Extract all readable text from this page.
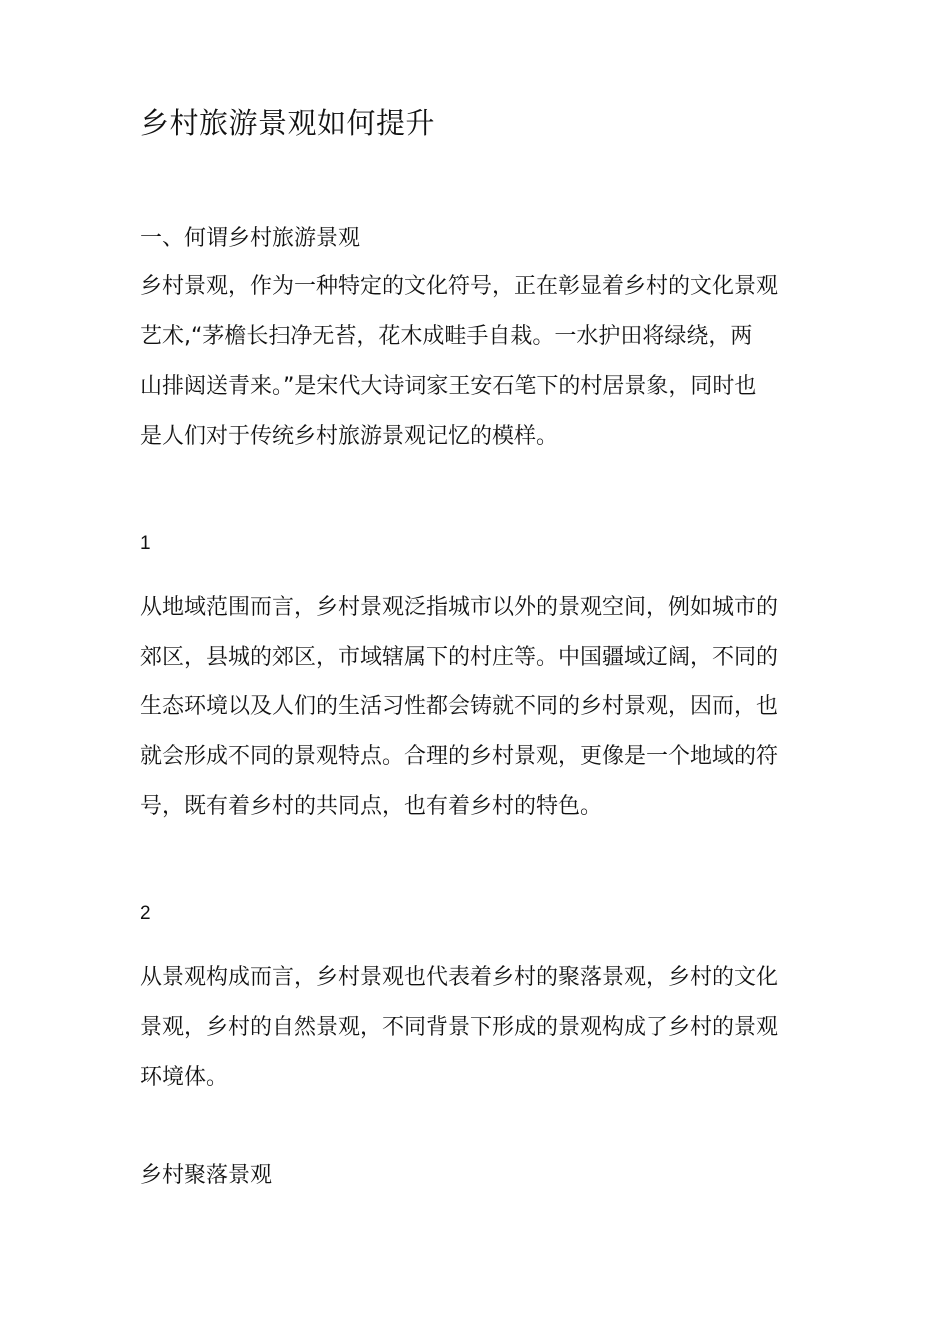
乡村旅游景观如何提升

一、何谓乡村旅游景观

乡村景观，作为一种特定的文化符号，正在彰显着乡村的文化景观

艺术,“茅檐长扫净无苔，花木成畦手自栽。一水护田将绿绕，两

山排闼送青来。”是宋代大诗词家王安石笔下的村居景象，同时也

是人们对于传统乡村旅游景观记忆的模样。

1

从地域范围而言，乡村景观泛指城市以外的景观空间，例如城市的

郊区，县城的郊区，市域辖属下的村庄等。中国疆域辽阔，不同的

生态环境以及人们的生活习性都会铸就不同的乡村景观，因而，也

就会形成不同的景观特点。合理的乡村景观，更像是一个地域的符

号，既有着乡村的共同点，也有着乡村的特色。

2

从景观构成而言，乡村景观也代表着乡村的聚落景观，乡村的文化

景观，乡村的自然景观，不同背景下形成的景观构成了乡村的景观

环境体。

乡村聚落景观
